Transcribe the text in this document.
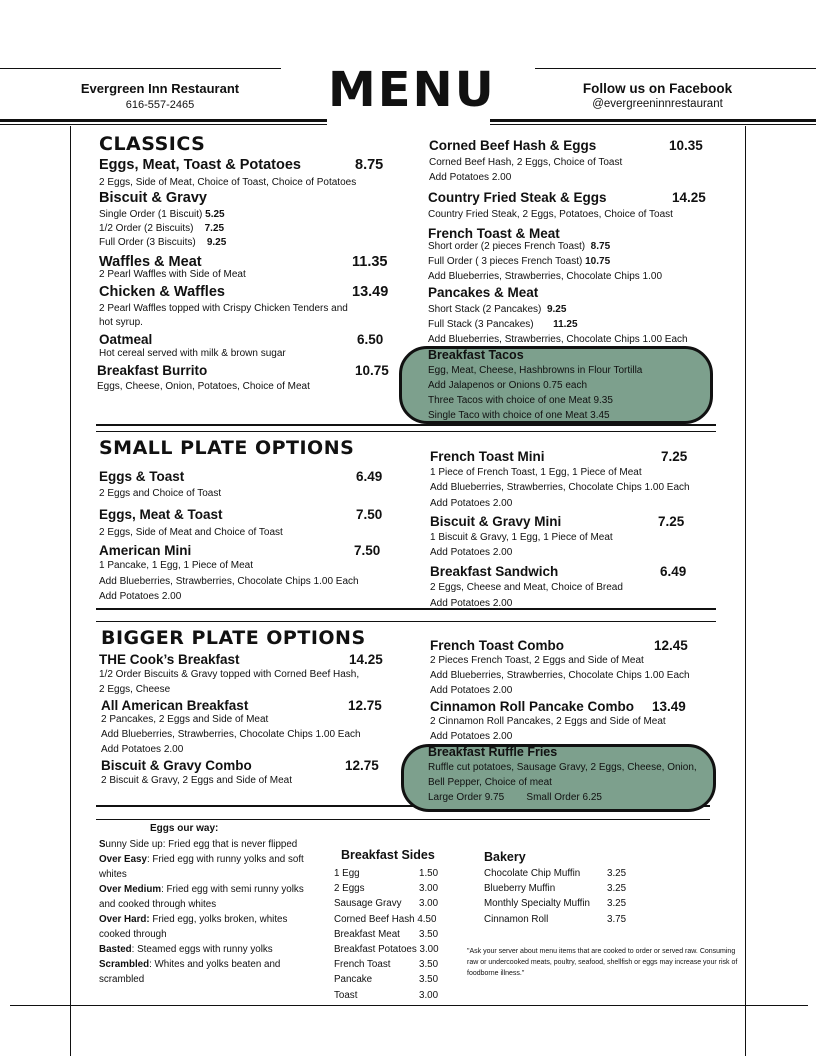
Evergreen Inn Restaurant
616-557-2465	MENU	Follow us on Facebook
@evergreeninnrestaurant
CLASSICS
Eggs, Meat, Toast & Potatoes	8.75
2 Eggs, Side of Meat, Choice of Toast, Choice of Potatoes
Biscuit & Gravy
Single Order (1 Biscuit) 5.25
1/2 Order (2 Biscuits) 7.25
Full Order (3 Biscuits) 9.25
Waffles & Meat	11.35
2 Pearl Waffles with Side of Meat
Chicken & Waffles	13.49
2 Pearl Waffles topped with Crispy Chicken Tenders and
hot syrup.
Oatmeal	6.50
Hot cereal served with milk & brown sugar
Breakfast Burrito	10.75
Eggs, Cheese, Onion, Potatoes, Choice of Meat
Corned Beef Hash & Eggs	10.35
Corned Beef Hash, 2 Eggs, Choice of Toast
Add Potatoes 2.00
Country Fried Steak & Eggs	14.25
Country Fried Steak, 2 Eggs, Potatoes, Choice of Toast
French Toast & Meat
Short order (2 pieces French Toast) 8.75
Full Order ( 3 pieces French Toast) 10.75
Add Blueberries, Strawberries, Chocolate Chips 1.00
Pancakes & Meat
Short Stack (2 Pancakes) 9.25
Full Stack (3 Pancakes) 11.25
Add Blueberries, Strawberries, Chocolate Chips 1.00 Each
Breakfast Tacos
Egg, Meat, Cheese, Hashbrowns in Flour Tortilla
Add Jalapenos or Onions 0.75 each
Three Tacos with choice of one Meat 9.35
Single Taco with choice of one Meat 3.45
SMALL PLATE OPTIONS
Eggs & Toast	6.49
2 Eggs and Choice of Toast
Eggs, Meat & Toast	7.50
2 Eggs, Side of Meat and Choice of Toast
American Mini	7.50
1 Pancake, 1 Egg, 1 Piece of Meat
Add Blueberries, Strawberries, Chocolate Chips 1.00 Each
Add Potatoes 2.00
French Toast Mini	7.25
1 Piece of French Toast, 1 Egg, 1 Piece of Meat
Add Blueberries, Strawberries, Chocolate Chips 1.00 Each
Add Potatoes 2.00
Biscuit & Gravy Mini	7.25
1 Biscuit & Gravy, 1 Egg, 1 Piece of Meat
Add Potatoes 2.00
Breakfast Sandwich	6.49
2 Eggs, Cheese and Meat, Choice of Bread
Add Potatoes 2.00
BIGGER PLATE OPTIONS
THE Cook’s Breakfast	14.25
1/2 Order Biscuits & Gravy topped with Corned Beef Hash,
2 Eggs, Cheese
All American Breakfast	12.75
2 Pancakes, 2 Eggs and Side of Meat
Add Blueberries, Strawberries, Chocolate Chips 1.00 Each
Add Potatoes 2.00
Biscuit & Gravy Combo	12.75
2 Biscuit & Gravy, 2 Eggs and Side of Meat
French Toast Combo	12.45
2 Pieces French Toast, 2 Eggs and Side of Meat
Add Blueberries, Strawberries, Chocolate Chips 1.00 Each
Add Potatoes 2.00
Cinnamon Roll Pancake Combo 13.49
2 Cinnamon Roll Pancakes, 2 Eggs and Side of Meat
Add Potatoes 2.00
Breakfast Ruffle Fries
Ruffle cut potatoes, Sausage Gravy, 2 Eggs, Cheese, Onion,
Bell Pepper, Choice of meat
Large Order 9.75 Small Order 6.25
Eggs our way:
Sunny Side up: Fried egg that is never flipped
Over Easy: Fried egg with runny yolks and soft
whites
Over Medium: Fried egg with semi runny yolks
and cooked through whites
Over Hard: Fried egg, yolks broken, whites
cooked through
Basted: Steamed eggs with runny yolks
Scrambled: Whites and yolks beaten and
scrambled
Breakfast Sides
1 Egg	1.50
2 Eggs	3.00
Sausage Gravy	3.00
Corned Beef Hash
4.50
Breakfast Meat	3.50
Breakfast Potatoes
3.00
French Toast	3.50
Pancake	3.50
Toast	3.00
Bakery
Chocolate Chip Muffin	3.25
Blueberry Muffin	3.25
Monthly Specialty Muffin	3.25
Cinnamon Roll	3.75
"Ask your server about menu items that are cooked to order or served raw. Consuming raw or undercooked meats, poultry, seafood, shellfish or eggs may increase your risk of foodborne illness."
